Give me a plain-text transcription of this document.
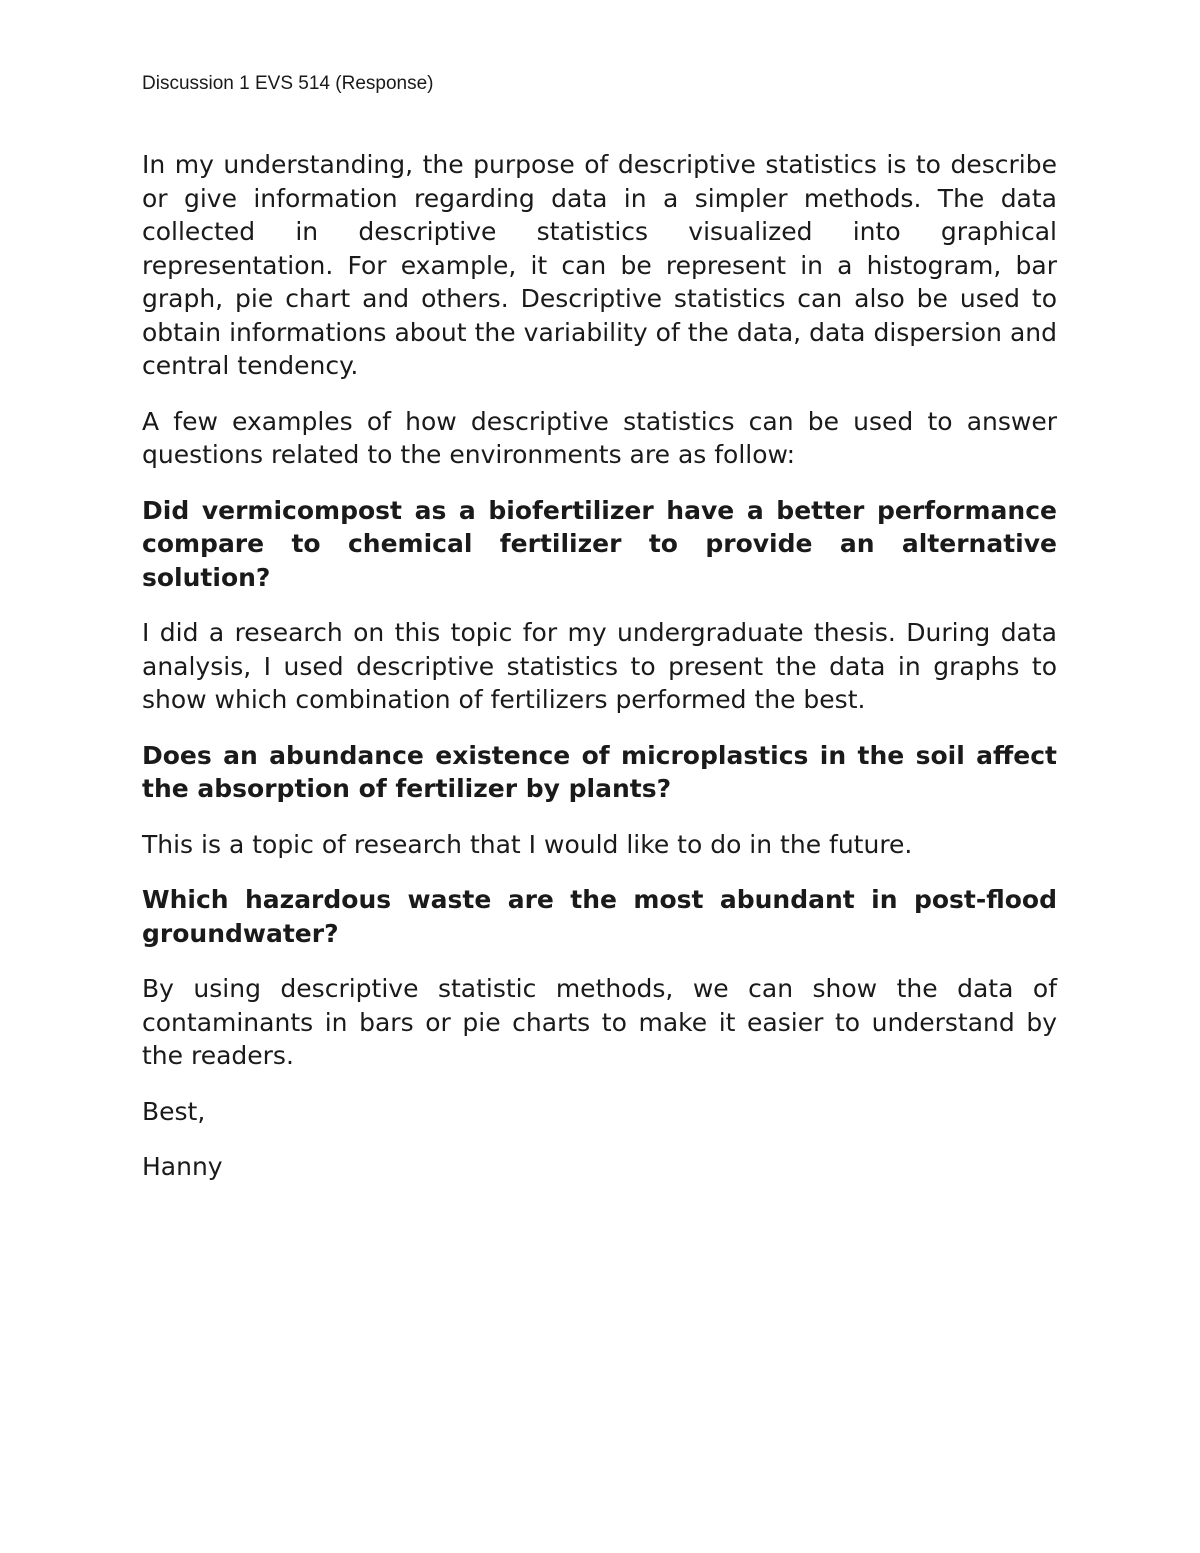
Discussion 1 EVS 514 (Response)

In my understanding, the purpose of descriptive statistics is to describe or give information regarding data in a simpler methods. The data collected in descriptive statistics visualized into graphical representation. For example, it can be represent in a histogram, bar graph, pie chart and others. Descriptive statistics can also be used to obtain informations about the variability of the data, data dispersion and central tendency.

A few examples of how descriptive statistics can be used to answer questions related to the environments are as follow:

Did vermicompost as a biofertilizer have a better performance compare to chemical fertilizer to provide an alternative solution?

I did a research on this topic for my undergraduate thesis. During data analysis, I used descriptive statistics to present the data in graphs to show which combination of fertilizers performed the best.

Does an abundance existence of microplastics in the soil affect the absorption of fertilizer by plants?

This is a topic of research that I would like to do in the future.

Which hazardous waste are the most abundant in post-flood groundwater?

By using descriptive statistic methods, we can show the data of contaminants in bars or pie charts to make it easier to understand by the readers.

Best,

Hanny
